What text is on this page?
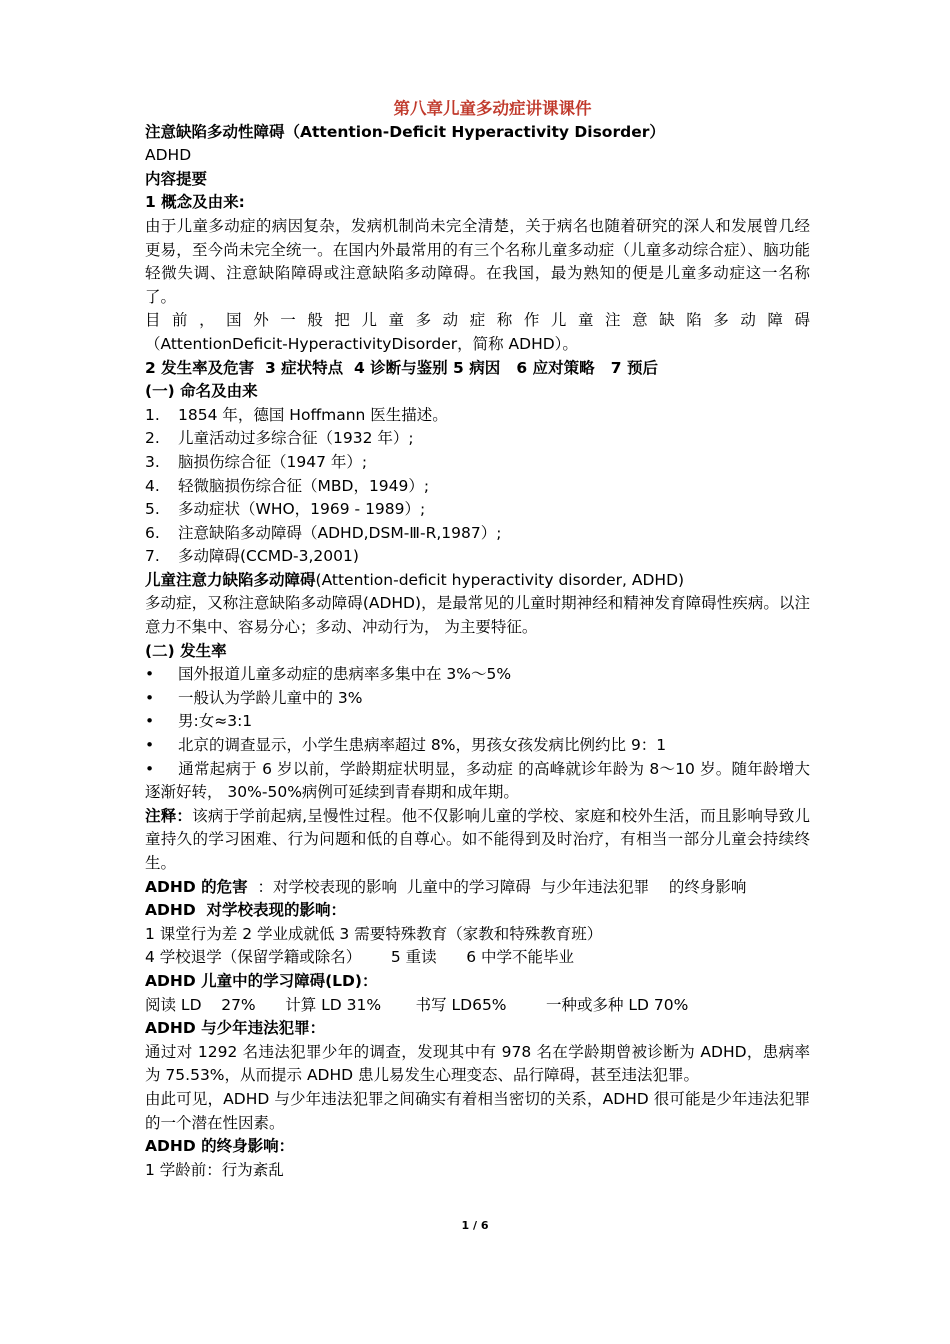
第八章儿童多动症讲课课件

注意缺陷多动性障碍（Attention-Deficit Hyperactivity Disorder）

ADHD

内容提要

1 概念及由来:

由于儿童多动症的病因复杂，发病机制尚未完全清楚，关于病名也随着研究的深人和发展曾几经更易，至今尚未完全统一。在国内外最常用的有三个名称儿童多动症（儿童多动综合症）、脑功能轻微失调、注意缺陷障碍或注意缺陷多动障碍。在我国，最为熟知的便是儿童多动症这一名称了。

目 前 ， 国 外 一 般 把 儿 童 多 动 症 称 作 儿 童 注 意 缺 陷 多 动 障 碍

（AttentionDeficit-HyperactivityDisorder，简称 ADHD）。

2 发生率及危害  3 症状特点  4 诊断与鉴别 5 病因   6 应对策略   7 预后

(一) 命名及由来

1.	1854 年，德国 Hoffmann 医生描述。
2.	儿童活动过多综合征（1932 年）;
3.	脑损伤综合征（1947 年）;
4.	轻微脑损伤综合征（MBD，1949）;
5.	多动症状（WHO，1969 - 1989）;
6.	注意缺陷多动障碍（ADHD,DSM-Ⅲ-R,1987）;
7.	多动障碍(CCMD-3,2001)

儿童注意力缺陷多动障碍(Attention-deficit hyperactivity disorder, ADHD)

多动症，又称注意缺陷多动障碍(ADHD)，是最常见的儿童时期神经和精神发育障碍性疾病。以注意力不集中、容易分心；多动、冲动行为， 为主要特征。

(二) 发生率

•	国外报道儿童多动症的患病率多集中在 3%～5%
•	一般认为学龄儿童中的 3%
•	男:女≈3:1
•	北京的调查显示，小学生患病率超过 8%，男孩女孩发病比例约比 9：1

• 通常起病于 6 岁以前，学龄期症状明显，多动症 的高峰就诊年龄为 8～10 岁。随年龄增大逐渐好转， 30%-50%病例可延续到青春期和成年期。

注释：该病于学前起病,呈慢性过程。他不仅影响儿童的学校、家庭和校外生活，而且影响导致儿童持久的学习困难、行为问题和低的自尊心。如不能得到及时治疗，有相当一部分儿童会持续终生。

ADHD 的危害  ：对学校表现的影响  儿童中的学习障碍  与少年违法犯罪    的终身影响

ADHD  对学校表现的影响：

1 课堂行为差 2 学业成就低 3 需要特殊教育（家教和特殊教育班）

4 学校退学（保留学籍或除名）      5 重读      6 中学不能毕业

ADHD 儿童中的学习障碍(LD)：

阅读 LD    27%      计算 LD 31%       书写 LD65%        一种或多种 LD 70%

ADHD 与少年违法犯罪：

通过对 1292 名违法犯罪少年的调查，发现其中有 978 名在学龄期曾被诊断为 ADHD，患病率为 75.53%，从而提示 ADHD 患儿易发生心理变态、品行障碍，甚至违法犯罪。

由此可见，ADHD 与少年违法犯罪之间确实有着相当密切的关系，ADHD 很可能是少年违法犯罪的一个潜在性因素。

ADHD 的终身影响：

1 学龄前：行为紊乱

1 / 6
